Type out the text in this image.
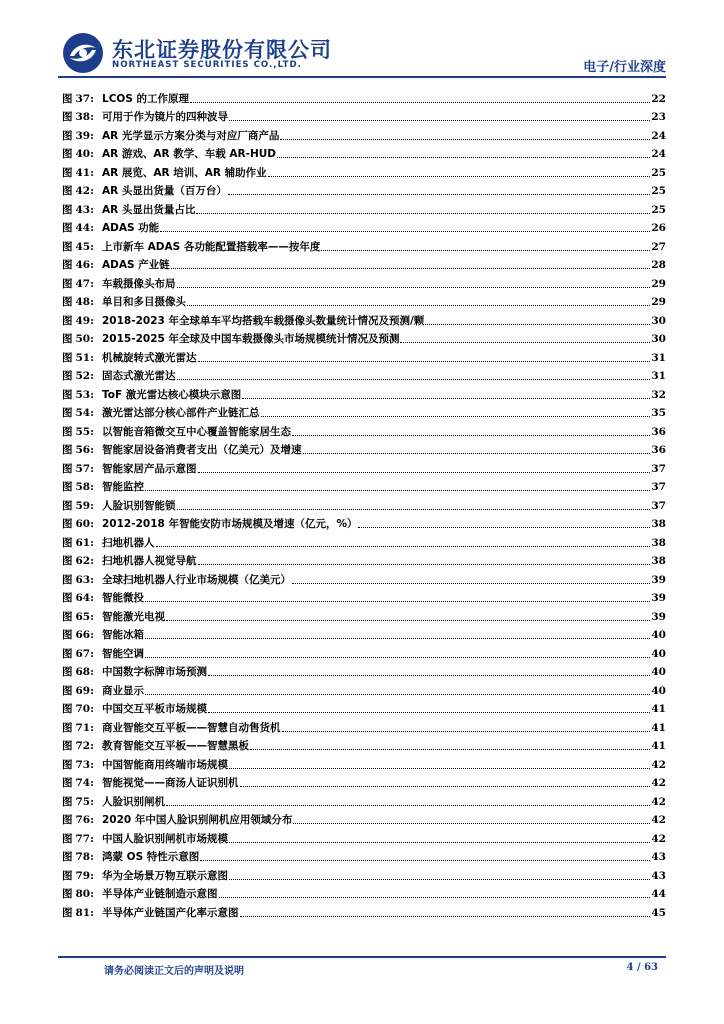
东北证券股份有限公司
NORTHEAST SECURITIES CO.,LTD.	电子/行业深度
图 37: LCOS 的工作原理	22
图 38: 可用于作为镜片的四种波导	23
图 39: AR 光学显示方案分类与对应厂商产品	24
图 40: AR 游戏、AR 教学、车载 AR-HUD	24
图 41: AR 展览、AR 培训、AR 辅助作业	25
图 42: AR 头显出货量（百万台）	25
图 43: AR 头显出货量占比	25
图 44: ADAS 功能	26
图 45: 上市新车 ADAS 各功能配置搭载率——按年度	27
图 46: ADAS 产业链	28
图 47: 车载摄像头布局	29
图 48: 单目和多目摄像头	29
图 49: 2018-2023 年全球单车平均搭载车载摄像头数量统计情况及预测/颗	30
图 50: 2015-2025 年全球及中国车载摄像头市场规模统计情况及预测	30
图 51: 机械旋转式激光雷达	31
图 52: 固态式激光雷达	31
图 53: ToF 激光雷达核心模块示意图	32
图 54: 激光雷达部分核心部件产业链汇总	35
图 55: 以智能音箱微交互中心覆盖智能家居生态	36
图 56: 智能家居设备消费者支出（亿美元）及增速	36
图 57: 智能家居产品示意图	37
图 58: 智能监控	37
图 59: 人脸识别智能锁	37
图 60: 2012-2018 年智能安防市场规模及增速（亿元，%）	38
图 61: 扫地机器人	38
图 62: 扫地机器人视觉导航	38
图 63: 全球扫地机器人行业市场规模（亿美元）	39
图 64: 智能微投	39
图 65: 智能激光电视	39
图 66: 智能冰箱	40
图 67: 智能空调	40
图 68: 中国数字标牌市场预测	40
图 69: 商业显示	40
图 70: 中国交互平板市场规模	41
图 71: 商业智能交互平板——智慧自动售货机	41
图 72: 教育智能交互平板——智慧黑板	41
图 73: 中国智能商用终端市场规模	42
图 74: 智能视觉——商汤人证识别机	42
图 75: 人脸识别闸机	42
图 76: 2020 年中国人脸识别闸机应用领域分布	42
图 77: 中国人脸识别闸机市场规模	42
图 78: 鸿蒙 OS 特性示意图	43
图 79: 华为全场景万物互联示意图	43
图 80: 半导体产业链制造示意图	44
图 81: 半导体产业链国产化率示意图	45
请务必阅读正文后的声明及说明	4 / 63
